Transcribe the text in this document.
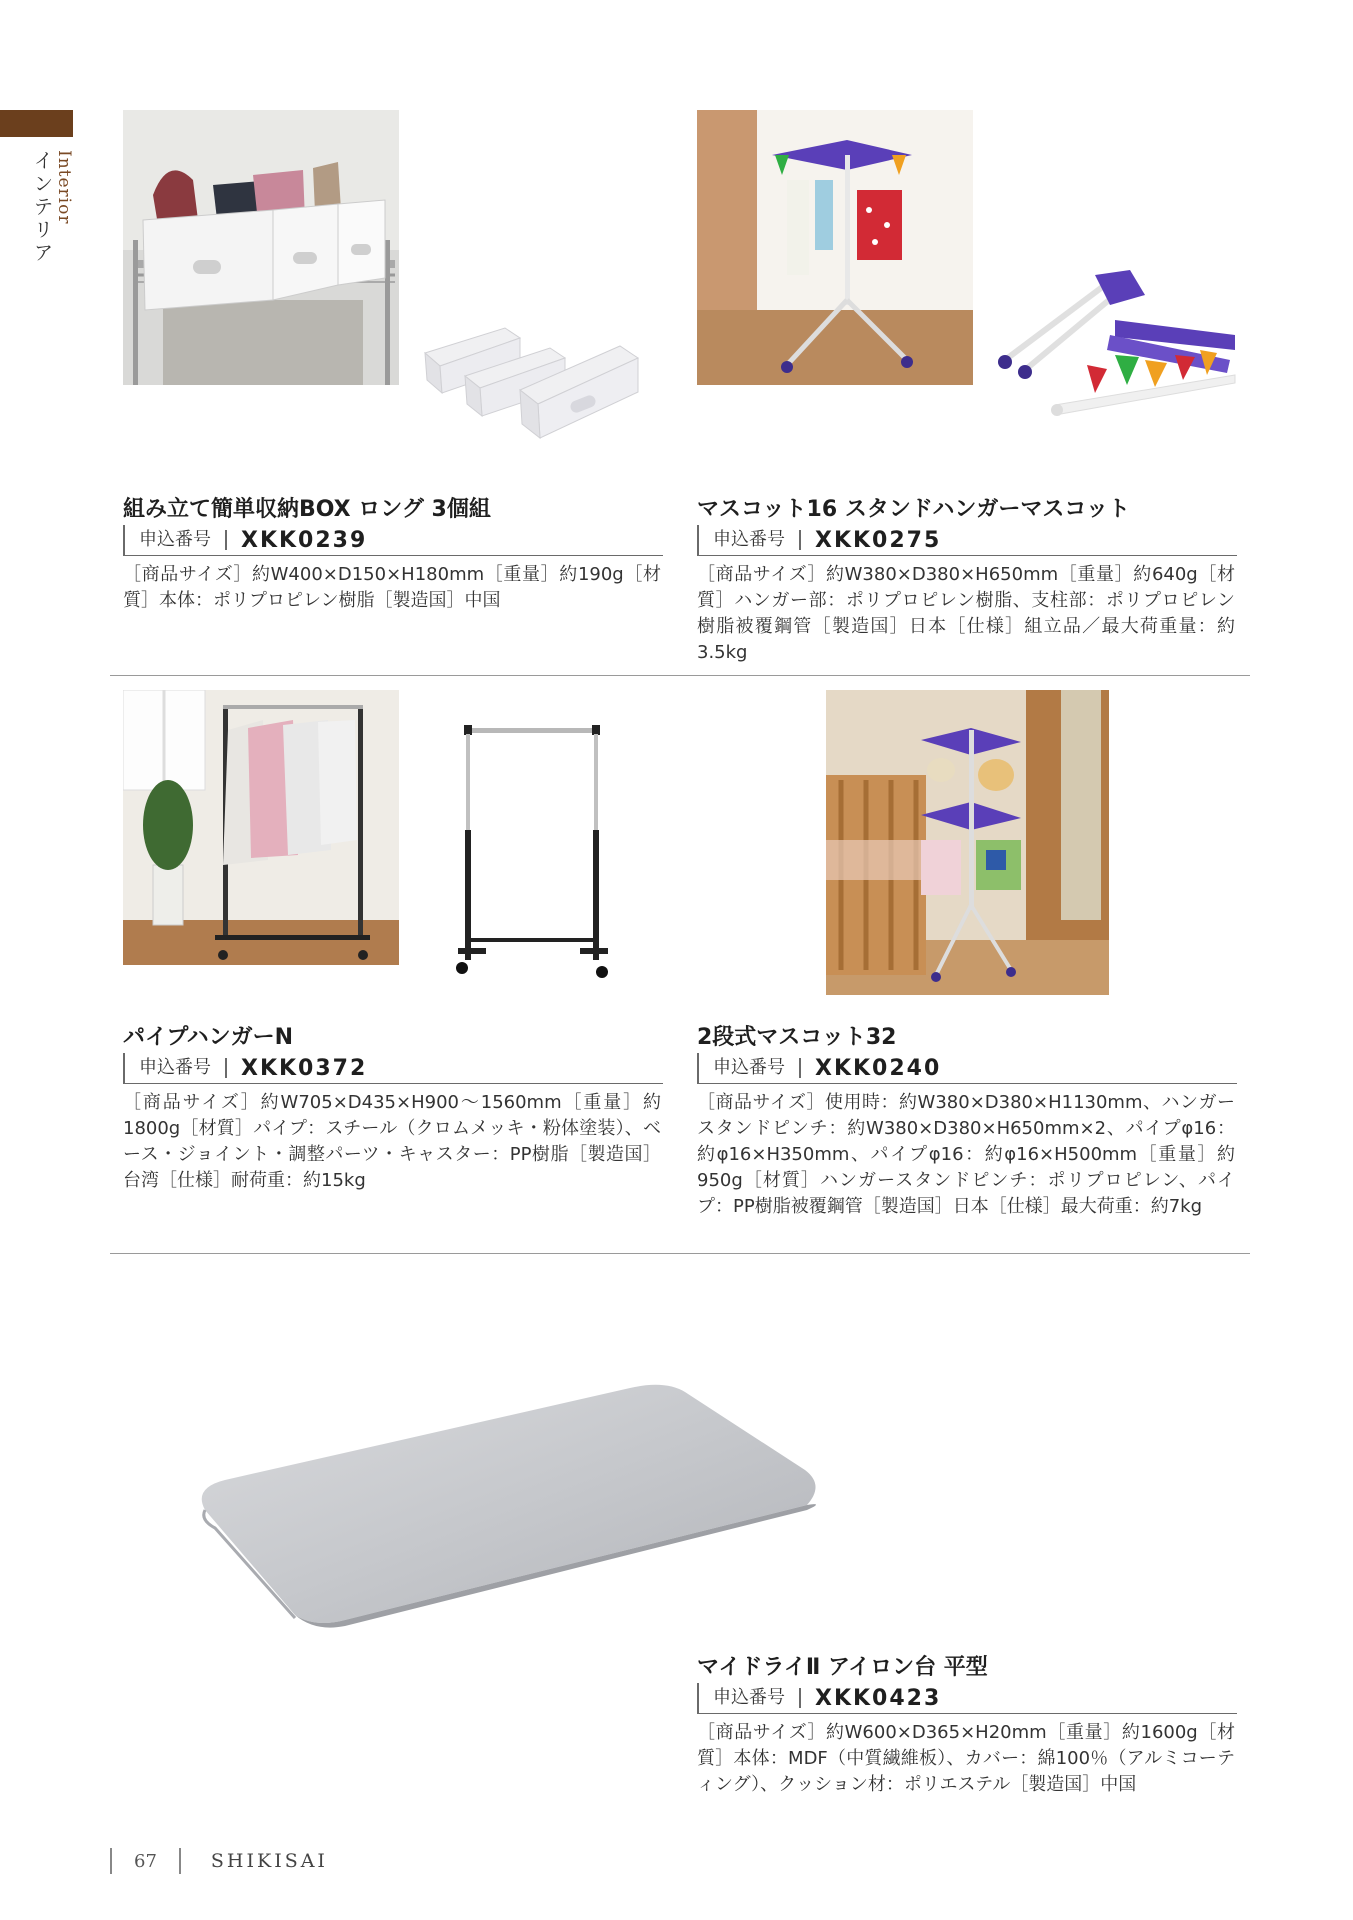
Interior
インテリア
組み立て簡単収納BOX ロング 3個組
申込番号	XKK0239
［商品サイズ］約W400×D150×H180mm［重量］約190g［材質］本体：ポリプロピレン樹脂［製造国］中国
マスコット16 スタンドハンガーマスコット
申込番号	XKK0275
［商品サイズ］約W380×D380×H650mm［重量］約640g［材質］ハンガー部：ポリプロピレン樹脂、支柱部：ポリプロピレン樹脂被覆鋼管［製造国］日本［仕様］組立品／最大荷重量：約3.5kg
パイプハンガーN
申込番号	XKK0372
［商品サイズ］約W705×D435×H900〜1560mm［重量］約1800g［材質］パイプ：スチール（クロムメッキ・粉体塗装）、ベース・ジョイント・調整パーツ・キャスター：PP樹脂［製造国］台湾［仕様］耐荷重：約15kg
2段式マスコット32
申込番号	XKK0240
［商品サイズ］使用時：約W380×D380×H1130mm、ハンガースタンドピンチ：約W380×D380×H650mm×2、パイプφ16：約φ16×H350mm、パイプφ16：約φ16×H500mm［重量］約950g［材質］ハンガースタンドピンチ：ポリプロピレン、パイプ：PP樹脂被覆鋼管［製造国］日本［仕様］最大荷重：約7kg
マイドライⅡ アイロン台 平型
申込番号	XKK0423
［商品サイズ］約W600×D365×H20mm［重量］約1600g［材質］本体：MDF（中質繊維板）、カバー：綿100％（アルミコーティング）、クッション材：ポリエステル［製造国］中国
67	SHIKISAI
